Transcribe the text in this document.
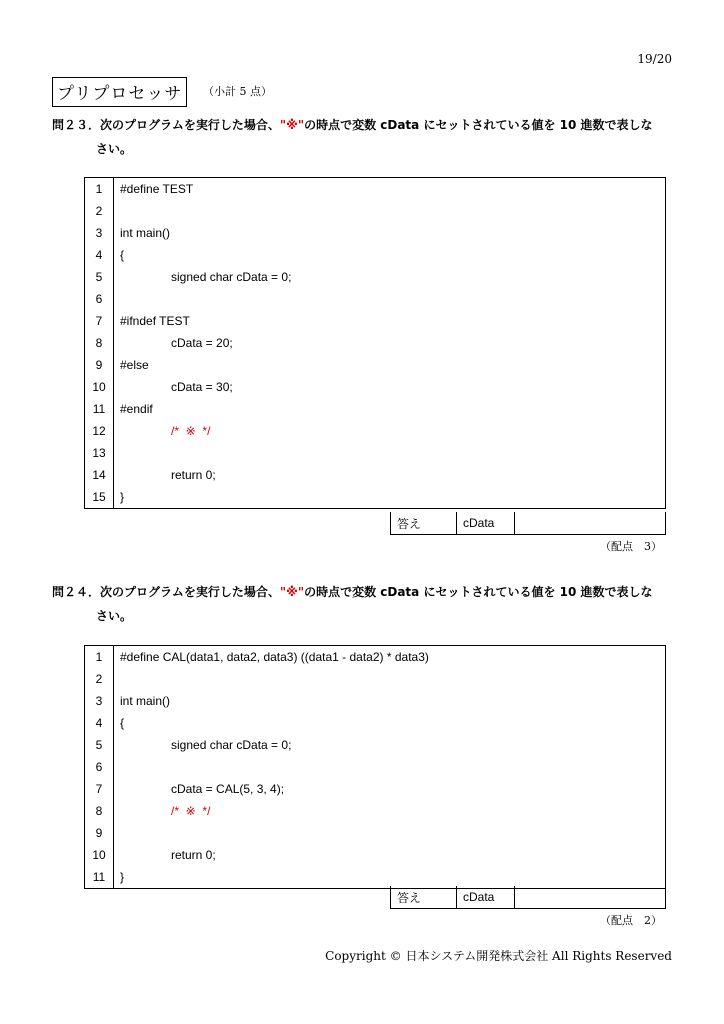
19/20
プリプロセッサ	（小計 5 点）
問２３．次のプログラムを実行した場合、"※"の時点で変数 cData にセットされている値を 10 進数で表しな
さい。
1	#define TEST
2
3	int main()
4	{
5	signed char cData = 0;
6
7	#ifndef TEST
8	cData = 20;
9	#else
10	cData = 30;
11	#endif
12	/*  ※  */
13
14	return 0;
15	}
答え	cData
（配点　3）
問２４．次のプログラムを実行した場合、"※"の時点で変数 cData にセットされている値を 10 進数で表しな
さい。
1	#define CAL(data1, data2, data3) ((data1 - data2) * data3)
2
3	int main()
4	{
5	signed char cData = 0;
6
7	cData = CAL(5, 3, 4);
8	/*  ※  */
9
10	return 0;
11	}
答え	cData
（配点　2）
Copyright © 日本システム開発株式会社 All Rights Reserved
